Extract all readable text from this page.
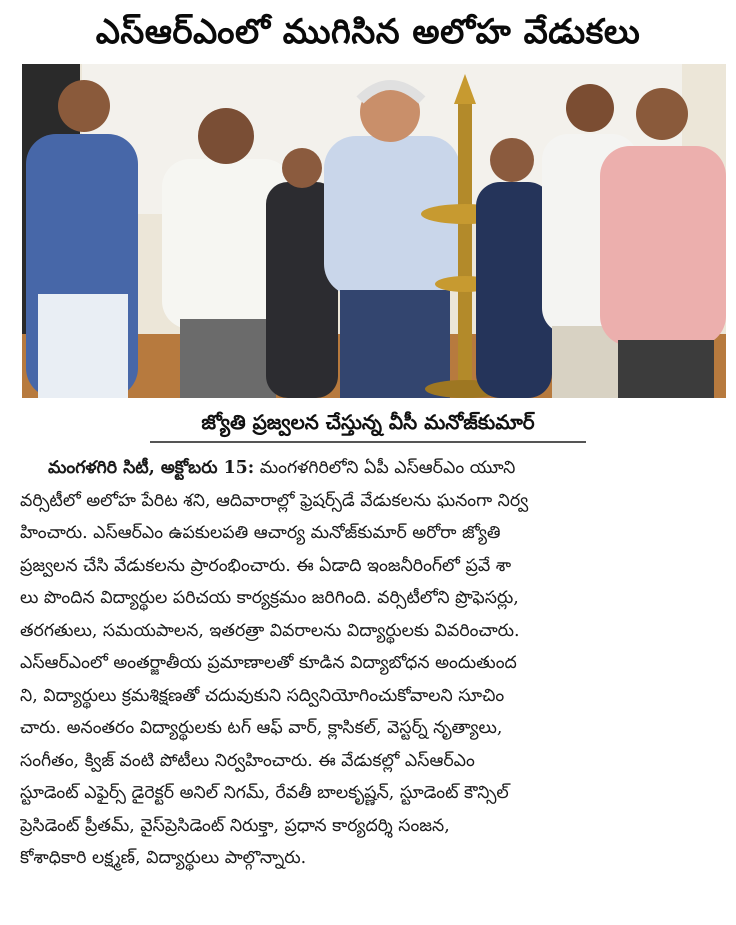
ఎస్ఆర్ఎంలో ముగిసిన అలోహ వేడుకలు
జ్యోతి ప్రజ్వలన చేస్తున్న వీసీ మనోజ్‌కుమార్
మంగళగిరి సిటీ, అక్టోబరు 15: మంగళగిరిలోని ఏపీ ఎస్ఆర్ఎం యూని
వర్సిటీలో అలోహ పేరిట శని, ఆదివారాల్లో ఫ్రెషర్స్‌డే వేడుకలను ఘనంగా నిర్వ
హించారు. ఎస్ఆర్ఎం ఉపకులపతి ఆచార్య మనోజ్‌కుమార్ అరోరా జ్యోతి
ప్రజ్వలన చేసి వేడుకలను ప్రారంభించారు. ఈ ఏడాది ఇంజనీరింగ్‌లో ప్రవే శా
లు పొందిన విద్యార్థుల పరిచయ కార్యక్రమం జరిగింది. వర్సిటీలోని ప్రొఫెసర్లు,
తరగతులు, సమయపాలన, ఇతరత్రా వివరాలను విద్యార్థులకు వివరించారు.
ఎస్ఆర్ఎంలో అంతర్జాతీయ ప్రమాణాలతో కూడిన విద్యాబోధన అందుతుంద
ని, విద్యార్థులు క్రమశిక్షణతో చదువుకుని సద్వినియోగించుకోవాలని సూచిం
చారు. అనంతరం విద్యార్థులకు టగ్ ఆఫ్ వార్, క్లాసికల్, వెస్టర్న్ నృత్యాలు,
సంగీతం, క్విజ్ వంటి పోటీలు నిర్వహించారు. ఈ వేడుకల్లో ఎస్ఆర్ఎం
స్టూడెంట్ ఎఫైర్స్ డైరెక్టర్ అనిల్ నిగమ్, రేవతీ బాలకృష్ణన్, స్టూడెంట్ కౌన్సిల్
ప్రెసిడెంట్ ప్రీతమ్, వైస్‌ప్రెసిడెంట్ నిరుక్తా, ప్రధాన కార్యదర్శి సంజన,
కోశాధికారి లక్ష్మణ్, విద్యార్థులు పాల్గొన్నారు.
